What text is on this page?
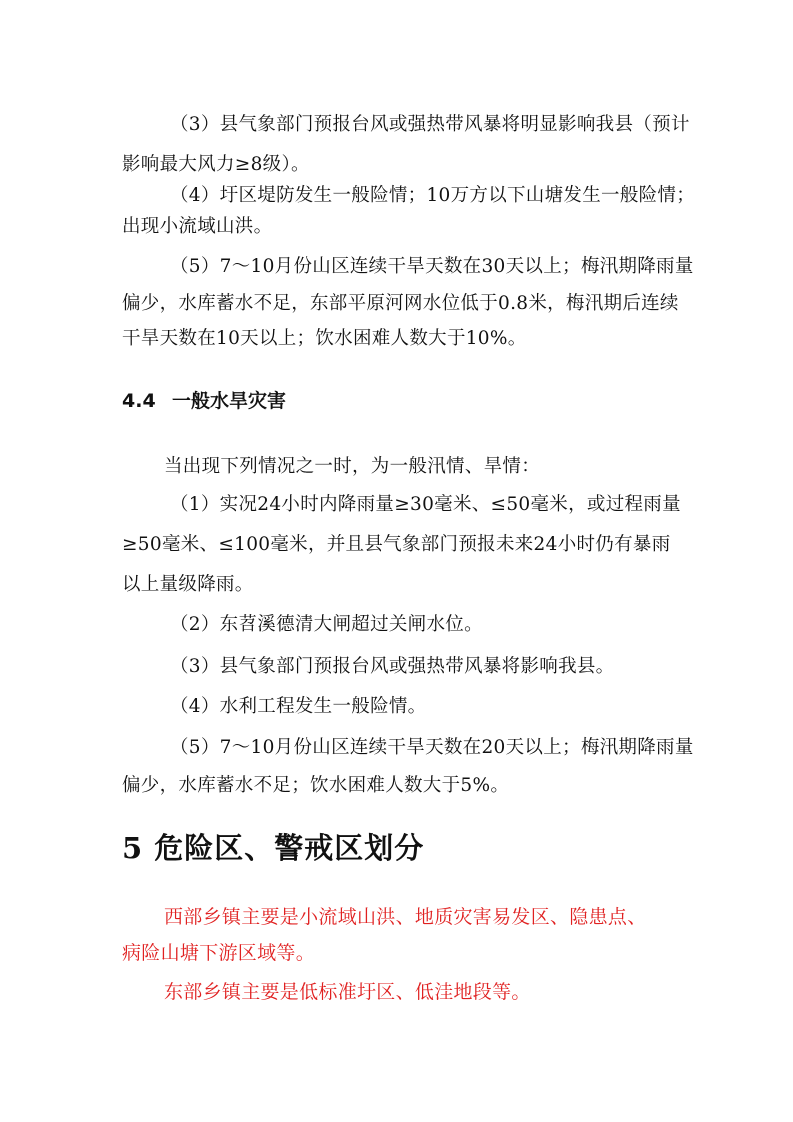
（3）县气象部门预报台风或强热带风暴将明显影响我县（预计
影响最大风力≥8级）。
（4）圩区堤防发生一般险情；10万方以下山塘发生一般险情；
出现小流域山洪。
（5）7～10月份山区连续干旱天数在30天以上；梅汛期降雨量
偏少，水库蓄水不足，东部平原河网水位低于0.8米，梅汛期后连续
干旱天数在10天以上；饮水困难人数大于10%。
4.4 一般水旱灾害
当出现下列情况之一时，为一般汛情、旱情：
（1）实况24小时内降雨量≥30毫米、≤50毫米，或过程雨量
≥50毫米、≤100毫米，并且县气象部门预报未来24小时仍有暴雨
以上量级降雨。
（2）东苕溪德清大闸超过关闸水位。
（3）县气象部门预报台风或强热带风暴将影响我县。
（4）水利工程发生一般险情。
（5）7～10月份山区连续干旱天数在20天以上；梅汛期降雨量
偏少，水库蓄水不足；饮水困难人数大于5%。
5 危险区、警戒区划分
西部乡镇主要是小流域山洪、地质灾害易发区、隐患点、
病险山塘下游区域等。
东部乡镇主要是低标准圩区、低洼地段等。
